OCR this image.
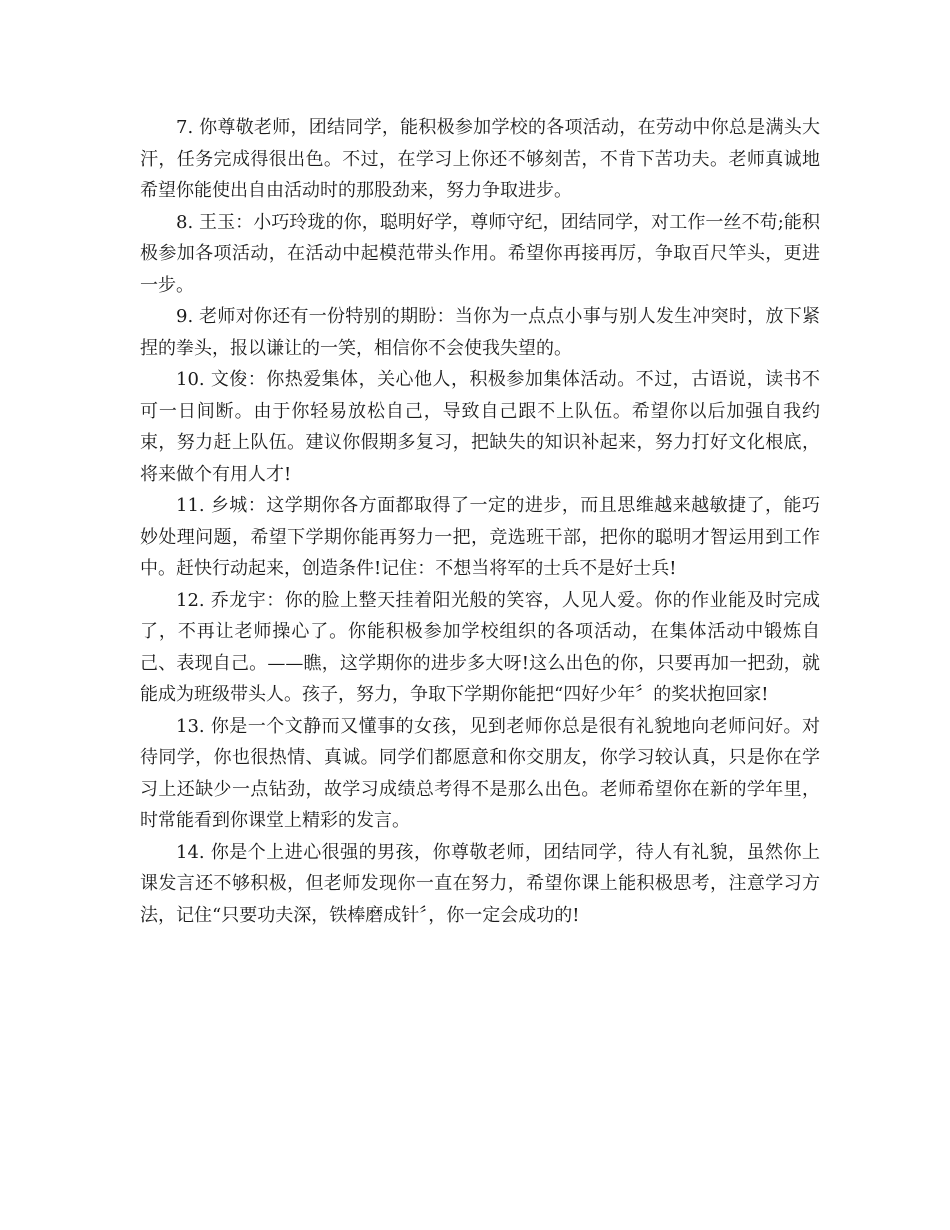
7. 你尊敬老师，团结同学，能积极参加学校的各项活动，在劳动中你总是满头大汗，任务完成得很出色。不过，在学习上你还不够刻苦，不肯下苦功夫。老师真诚地希望你能使出自由活动时的那股劲来，努力争取进步。

8. 王玉：小巧玲珑的你，聪明好学，尊师守纪，团结同学，对工作一丝不苟;能积极参加各项活动，在活动中起模范带头作用。希望你再接再厉，争取百尺竿头，更进一步。

9. 老师对你还有一份特别的期盼：当你为一点点小事与别人发生冲突时，放下紧捏的拳头，报以谦让的一笑，相信你不会使我失望的。

10. 文俊：你热爱集体，关心他人，积极参加集体活动。不过，古语说，读书不可一日间断。由于你轻易放松自己，导致自己跟不上队伍。希望你以后加强自我约束，努力赶上队伍。建议你假期多复习，把缺失的知识补起来，努力打好文化根底，将来做个有用人才!

11. 乡城：这学期你各方面都取得了一定的进步，而且思维越来越敏捷了，能巧妙处理问题，希望下学期你能再努力一把，竞选班干部，把你的聪明才智运用到工作中。赶快行动起来，创造条件!记住：不想当将军的士兵不是好士兵!

12. 乔龙宇：你的脸上整天挂着阳光般的笑容，人见人爱。你的作业能及时完成了，不再让老师操心了。你能积极参加学校组织的各项活动，在集体活动中锻炼自己、表现自己。——瞧，这学期你的进步多大呀!这么出色的你，只要再加一把劲，就能成为班级带头人。孩子，努力，争取下学期你能把“四好少年〞的奖状抱回家!

13. 你是一个文静而又懂事的女孩，见到老师你总是很有礼貌地向老师问好。对待同学，你也很热情、真诚。同学们都愿意和你交朋友，你学习较认真，只是你在学习上还缺少一点钻劲，故学习成绩总考得不是那么出色。老师希望你在新的学年里，时常能看到你课堂上精彩的发言。

14. 你是个上进心很强的男孩，你尊敬老师，团结同学，待人有礼貌，虽然你上课发言还不够积极，但老师发现你一直在努力，希望你课上能积极思考，注意学习方法，记住“只要功夫深，铁棒磨成针〞，你一定会成功的!
